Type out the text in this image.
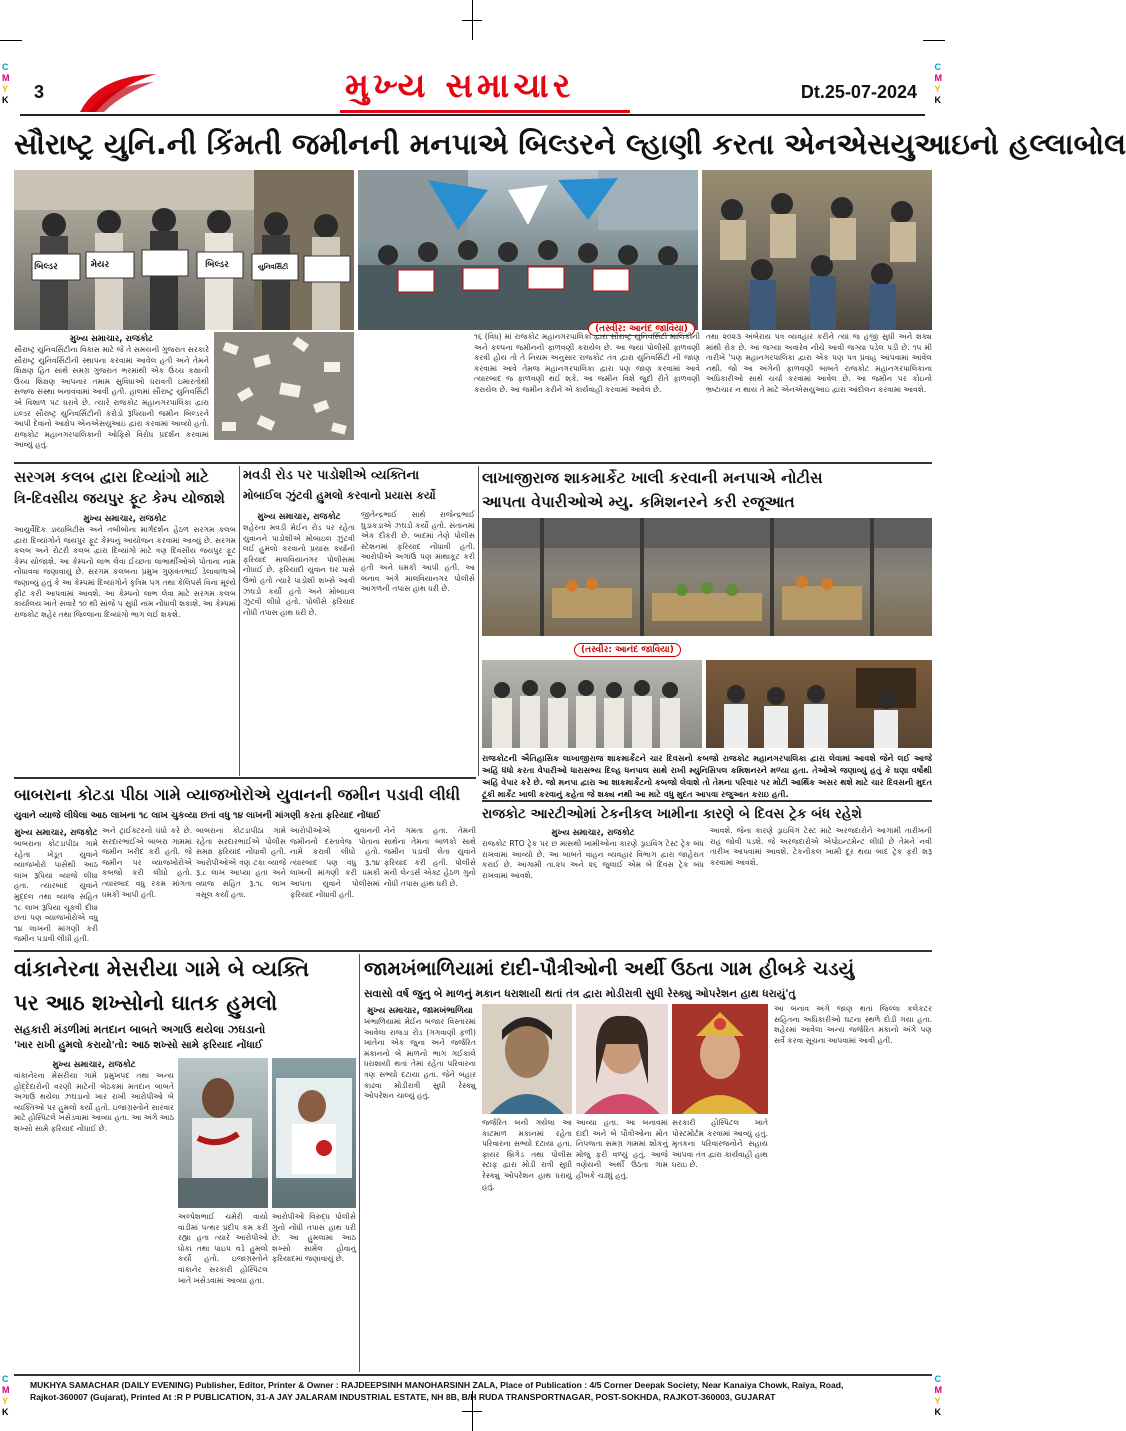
C
M
Y
K
C
M
Y
K
C
M
Y
K
C
M
Y
K
3	મુખ્ય સમાચાર	Dt.25-07-2024
સૌરાષ્ટ્ર યુનિ.ની કિંમતી જમીનની મનપાએ બિલ્ડરને લ્હાણી કરતા એનએસયુઆઇનો હલ્લાબોલ
બિલ્ડર	મેયર	બિલ્ડર	યુનિવર્સિટી
(તસ્વીર: આનંદ જાવિયા)
મુખ્ય સમાચાર, રાજકોટ
સૌરાષ્ટ્ર યુનિવર્સિટીના વિકાસ માટે જે તે સમયની ગુજરાત સરકારે સૌરાષ્ટ્ર યુનિવર્સિટીની સ્થાપના કરવામાં આવેલ હતી અને તેમને શિક્ષણ હિત સાથે સમગ્ર ગુજરાત ભરમાંથી એક ઉચ્ચ કક્ષાની ઉચ્ચ શિક્ષણ આપનાર તમામ સુવિધાઓ ધરાવતી ઇમારતોથી સજ્જ સંસ્થા બનાવવામાં આવી હતી. હાલમાં સૌરાષ્ટ્ર યુનિવર્સિટી એ વિશાળ પટ ધરાવે છે. ત્યારે રાજકોટ મહાનગરપાલિકા દ્વારા ઇલ્ડર સૌરાષ્ટ્ર યુનિવર્સિટીની કરોડો રૂપિયાની જમીન બિલ્ડરને આપી દેવાનો આક્ષેપ એનએસયુઆઇ દ્વારા કરવામાં આવ્યો હતો. રાજકોટ મહાનગરપાલિકાની ઓફિસે વિરોધ પ્રદર્શન કરવામાં આવ્યું હતું.
૧૬ (વિધ) માં રાજકોટ મહાનગરપાલિકા દ્વારા સૌરાષ્ટ્ર યુનિવર્સિટી માલિકીની અને કલ્પના જમીનની ફાળવણી કરાયેલ છે. આ જ્યાં પોલીસી ફાળવણી કરવી હોય તો તે નિયમ અનુસાર રાજકોટ તંત્ર દ્વારા યુનિવર્સિટી ની જાણ કરવામાં આવે તેમજ મહાનગરપાલિકા દ્વારા પણ જાણ કરવામાં આવે ત્યારબાદ જ ફાળવણી થઈ શકે. આ જમીન વિશે જુદી રીતે ફાળવણી કરાયેલ છે. આ જમીન કરીને એ કાર્યવાહી કરવામાં આવેલ છે.
તથા ૨૦૨૩ અંબેરાય પત્ર વ્યવહાર કરીને ત્યાં જ હજી સુધી અને શક્ય માંથી રોક છે. આ જગ્યા અવારેવ નીચે આવી જગ્યા પડેલ પડી છે. ૧૫ મી તારીખે 'પણ મહાનગરપાલિકા દ્વારા એક પણ પત્ર પ્રવાહ આપવામાં આવેલ નથી. જો આ અંગેની ફાળવણી બાબતે રાજકોટ મહાનગરપાલિકાના અધિકારીઓ સાથે ચર્ચા કરવામાં આવેલ છે. આ જમીન પર કોઇનો ભ્રષ્ટાચાર ન થાય તે માટે એનએસયુઆઇ દ્વારા આંદોલન કરવામાં આવશે.
સરગમ કલબ દ્વારા દિવ્યાંગો માટે
ત્રિ-દિવસીય જયપુર ફૂટ કેમ્પ યોજાશે
મુખ્ય સમાચાર, રાજકોટ
આયુર્વેદિક ડાયાબિટીસ અને તબીબોના માર્ગદર્શન હેઠળ સરગમ કલબ દ્વારા દિવ્યાંગોને જયપુર ફૂટ કેમ્પનું આયોજન કરવામાં આવ્યું છે. સરગમ કલબ અને રોટરી કલબ દ્વારા દિવ્યાંગો માટે ત્રણ દિવસીય જયપુર ફૂટ કેમ્પ યોજાશે. આ કેમ્પનો લાભ લેવા ઈચ્છતા લાભાર્થીઓએ પોતાના નામ નોંધાવવા જણાવાયું છે. સરગમ કલબના પ્રમુખ ગુણવંતભાઈ ડેલાવાળાએ જણાવ્યું હતું કે આ કેમ્પમાં દિવ્યાંગોને કૃત્રિમ પગ તથા કેલિપર્સ વિના મૂલ્યે ફીટ કરી આપવામાં આવશે. આ કેમ્પનો લાભ લેવા માટે સરગમ કલબ કાર્યાલય ખાતે સવારે ૧૦ થી સાંજે ૫ સુધી નામ નોંધાવી શકાશે. આ કેમ્પમાં રાજકોટ શહેર તથા જિલ્લાના દિવ્યાંગો ભાગ લઈ શકશે.
મવડી રોડ પર પાડોશીએ વ્યક્તિના
મોબાઈલ ઝુંટવી હુમલો કરવાનો પ્રયાસ કર્યો
મુખ્ય સમાચાર, રાજકોટ
શહેરના મવડી મેઈન રોડ પર રહેતા યુવાનને પાડોશીએ મોબાઇલ ઝુંટવી લઈ હુમલો કરવાનો પ્રયાસ કર્યાની ફરિયાદ માલવિયાનગર પોલીસમાં નોંધાઈ છે. ફરિયાદી યુવાન ઘર પાસે ઉભો હતો ત્યારે પાડોશી શખ્સે આવી ઝઘડો કર્યો હતો અને મોબાઇલ ઝુંટવી લીધો હતો. પોલીસે ફરિયાદ નોંધી તપાસ હાથ ધરી છે.
જીતેન્દ્રભાઈ સાથે રાજેન્દ્રભાઈ ઘુડાકડાએ ઝઘડો કર્યો હતો. સંતાનમાં એક દીકરી છે. બાદમાં તેણે પોલીસ સ્ટેશનમાં ફરિયાદ નોંધાવી હતી. આરોપીએ અગાઉ પણ માથાકૂટ કરી હતી અને ધમકી આપી હતી. આ બનાવ અંગે માલવિયાનગર પોલીસે આગળની તપાસ હાથ ધરી છે.
લાખાજીરાજ શાકમાર્કેટ ખાલી કરવાની મનપાએ નોટીસ
આપતા વેપારીઓએ મ્યુ. કમિશનરને કરી રજૂઆત
(તસ્વીર: આનંદ જાવિયા)
રાજકોટની ઐતિહાસિક લાખાજીરાજ શાકમાર્કેટને ચાર દિવસનો કબજો રાજકોટ મહાનગરપાલિકા દ્વારા લેવામાં આવશે જેને લઈ આજે અહિં ધંધો કરતા વેપારીઓ ધારાસભ્ય દિલ્હ ધનપાલ સાથે રાખી મ્યુનિસિપલ કમિશનરને મળ્યા હતા. તેઓએ જણાવ્યું હતું કે ઘણા વર્ષોથી અહિં વેપાર કરે છે. જો મનપા દ્વારા આ શાકમાર્કેટનો કબજો લેવાશે તો તેમના પરિવાર પર મોટી આર્થિક અસર થશે માટે ચાર દિવસની મુદત ટૂંકી માર્કેટ ખાલી કરવાનું કહેતા જે શક્ય નથી આ માટે વધુ મુદત આપવા રજુઆત કરાઇ હતી.
બાબરાના કોટડા પીઠા ગામે વ્યાજખોરોએ યુવાનની જમીન પડાવી લીધી
યુવાને વ્યાજે લીધેલા આઠ લાખના ૧૮ લાખ ચુકવ્યા છતાં વધુ ૧૪ લાખની માંગણી કરતા ફરિયાદ નોંધાઈ
મુખ્ય સમાચાર, રાજકોટ
બાબરાના કોટડાપીઠા ગામે રહેતા ખેડૂત યુવાને વ્યાજખોરો પાસેથી આઠ લાખ રૂપિયા વ્યાજે લીધા હતા. ત્યારબાદ યુવાને મુદ્દલ તથા વ્યાજ સહિત ૧૮ લાખ રૂપિયા ચૂકવી દીધા છતાં પણ વ્યાજખોરોએ વધુ ૧૪ લાખની માંગણી કરી જમીન પડાવી લીધી હતી.
અને ટ્રાઈક્ટરનો ધંધો કરે છે. સરદારભાઈએ બાબરા ગામમાં જમીન ખરીદ કરી હતી. જે જમીન પર વ્યાજખોરોએ કબજો કરી લીધો હતો. ત્યારબાદ વધુ રકમ માંગતા ધમકી આપી હતી.
બાબરાના કોટડાપીઠા ગામે રહેતા સરદારભાઈએ પોલીસ સમક્ષ ફરિયાદ નોંધાવી હતી. આરોપીઓએ ત્રણ ટકા વ્યાજે રૂ.૮ લાખ આપ્યા હતા અને વ્યાજ સહિત રૂ.૧૮ લાખ વસૂલ કર્યા હતા.
આરોપીઓએ યુવાનની જમીનનો દસ્તાવેજ પોતાના નામે કરાવી લીધો હતો. ત્યારબાદ પણ વધુ રૂ.૧૪ લાખની માંગણી કરી ધમકી આપતા યુવાને પોલીસમાં ફરિયાદ નોંધાવી હતી.
નેને ગમતા હતા. તેમની સાથેના તેમના બાળકો સાથે જમીન પડાવી લેતા યુવાને ફરિયાદ કરી હતી. પોલીસે મની લેન્ડર્સ એક્ટ હેઠળ ગુનો નોંધી તપાસ હાથ ધરી છે.
રાજકોટ આરટીઓમાં ટેકનીકલ ખામીના કારણે બે દિવસ ટ્રેક બંધ રહેશે
મુખ્ય સમાચાર, રાજકોટ
રાજકોટ RTO ટ્રેક પર છ માસથી ખામીઓના કારણે ડ્રાઇવિંગ ટેસ્ટ ટ્રેક બંધ રાખવામાં આવ્યો છે. આ બાબતે વાહન વ્યવહાર વિભાગ દ્વારા જાહેરાત કરાઈ છે. આગામી તા.૨૫ અને ૨૬ જુલાઈ એમ બે દિવસ ટ્રેક બંધ રાખવામાં આવશે.
આવશે. જેના કારણે ડ્રાઇવિંગ ટેસ્ટ માટે અરજદારોને આગામી તારીખની રાહ જોવી પડશે. જે અરજદારોએ એપોઇન્ટમેન્ટ લીધી છે તેમને નવી તારીખ આપવામાં આવશે. ટેકનીકલ ખામી દૂર થયા બાદ ટ્રેક ફરી શરૂ કરવામાં આવશે.
જામખંભાળિયામાં દાદી-પૌત્રીઓની અર્થી ઉઠતા ગામ હીબકે ચડયું
સવાસો વર્ષ જુનુ બે માળનું મકાન ધરાશાયી થતાં તંત્ર દ્વારા મોડીરાત્રી સુધી રેસ્ક્યુ ઓપરેશન હાથ ધરાયું'તુ
મુખ્ય સમાચાર, જામખંભાળિયા
ખંભાળિયામાં મેઈન બજાર વિસ્તારમાં આવેલા રાજડા રોડ (ગગવાણી ફળી) ખાતેના એક જુના અને જર્જરિત મકાનનો બે માળનો ભાગ ગઈકાલે ધરાશાયી થતાં તેમાં રહેતા પરિવારના ત્રણ સભ્યો દટાયા હતા. જેને બહાર કાઢવા મોડીરાત્રી સુધી રેસ્ક્યુ ઓપરેશન ચાલ્યું હતું.
જર્જરિત બની ગયેલા આ કાટમાળ મકાનમાં રહેતા પરિવારના સભ્યો દટાયા હતા. ફાયર બ્રિગેડ તથા પોલીસ સ્ટાફ દ્વારા મોડી રાત્રી સુધી રેસ્ક્યુ ઓપરેશન હાથ ધરાયું હતું.
આવ્યા હતા. આ બનાવમાં દાદી અને બે પૌત્રીઓના મોત નિપજતા સમગ્ર ગામમાં શોકનું મોજું ફરી વળ્યું હતું. આજે ત્રણેયની અર્થી ઉઠતા ગામ હીબકે ચડ્યું હતું.
સરકારી હોસ્પિટલ ખાતે પોસ્ટમોર્ટમ કરવામાં આવ્યું હતું. મૃતકના પરિવારજનોને સહાય આપવા તંત્ર દ્વારા કાર્યવાહી હાથ ધરાઇ છે.
આ બનાવ અંગે જાણ થતાં જિલ્લા કલેકટર સહિતના અધિકારીઓ ઘટના સ્થળે દોડી ગયા હતા. શહેરમાં આવેલા અન્ય જર્જરિત મકાનો અંગે પણ સર્વે કરવા સૂચના આપવામાં આવી હતી.
વાંકાનેરના મેસરીયા ગામે બે વ્યક્તિ
પર આઠ શખ્સોનો ઘાતક હુમલો
સહકારી મંડળીમાં મતદાન બાબતે અગાઉ થયેલા ઝઘડાનો
'ખાર રાખી હુમલો કરાયો'તો: આઠ શખ્સો સામે ફરિયાદ નોંધાઈ
મુખ્ય સમાચાર, રાજકોટ
વાંકાનેરના મેસરીયા ગામે પ્રમુખપદ તથા અન્ય હોદ્દેદારોની વરણી માટેની બેઠકમાં મતદાન બાબતે અગાઉ થયેલા ઝઘડાનો ખાર રાખી આરોપીઓ બે વ્યક્તિઓ પર હુમલો કર્યો હતો. ઇજાગ્રસ્તોને સારવાર માટે હોસ્પિટલે ખસેડવામાં આવ્યા હતા. આ અંગે આઠ શખ્સો સામે ફરિયાદ નોંધાઈ છે.
અલ્પેશભાઈ ચમેરી વાયો વાડીમાં પત્થર પ્રદીપ કમ કરી રહ્યા હતા ત્યારે આરોપીઓ ધોકા તથા પાઇપ વડે હુમલો કર્યો હતો. ઇજાગ્રસ્તોને વાંકાનેર સરકારી હોસ્પિટલ ખાતે ખસેડવામાં આવ્યા હતા.
આરોપીઓ વિરુદ્ધ પોલીસે ગુનો નોંધી તપાસ હાથ ધરી છે. આ હુમલામાં આઠ શખ્સો સામેલ હોવાનું ફરિયાદમાં જણાવાયું છે.
MUKHYA SAMACHAR (DAILY EVENING) Publisher, Editor, Printer & Owner : RAJDEEPSINH MANOHARSINH ZALA, Place of Publication : 4/5 Corner Deepak Society, Near Kanaiya Chowk, Raiya, Road,
Rajkot-360007 (Gujarat), Printed At :R P PUBLICATION, 31-A JAY JALARAM INDUSTRIAL ESTATE, NH 8B, B/H RUDA TRANSPORTNAGAR, POST-SOKHDA, RAJKOT-360003, GUJARAT
